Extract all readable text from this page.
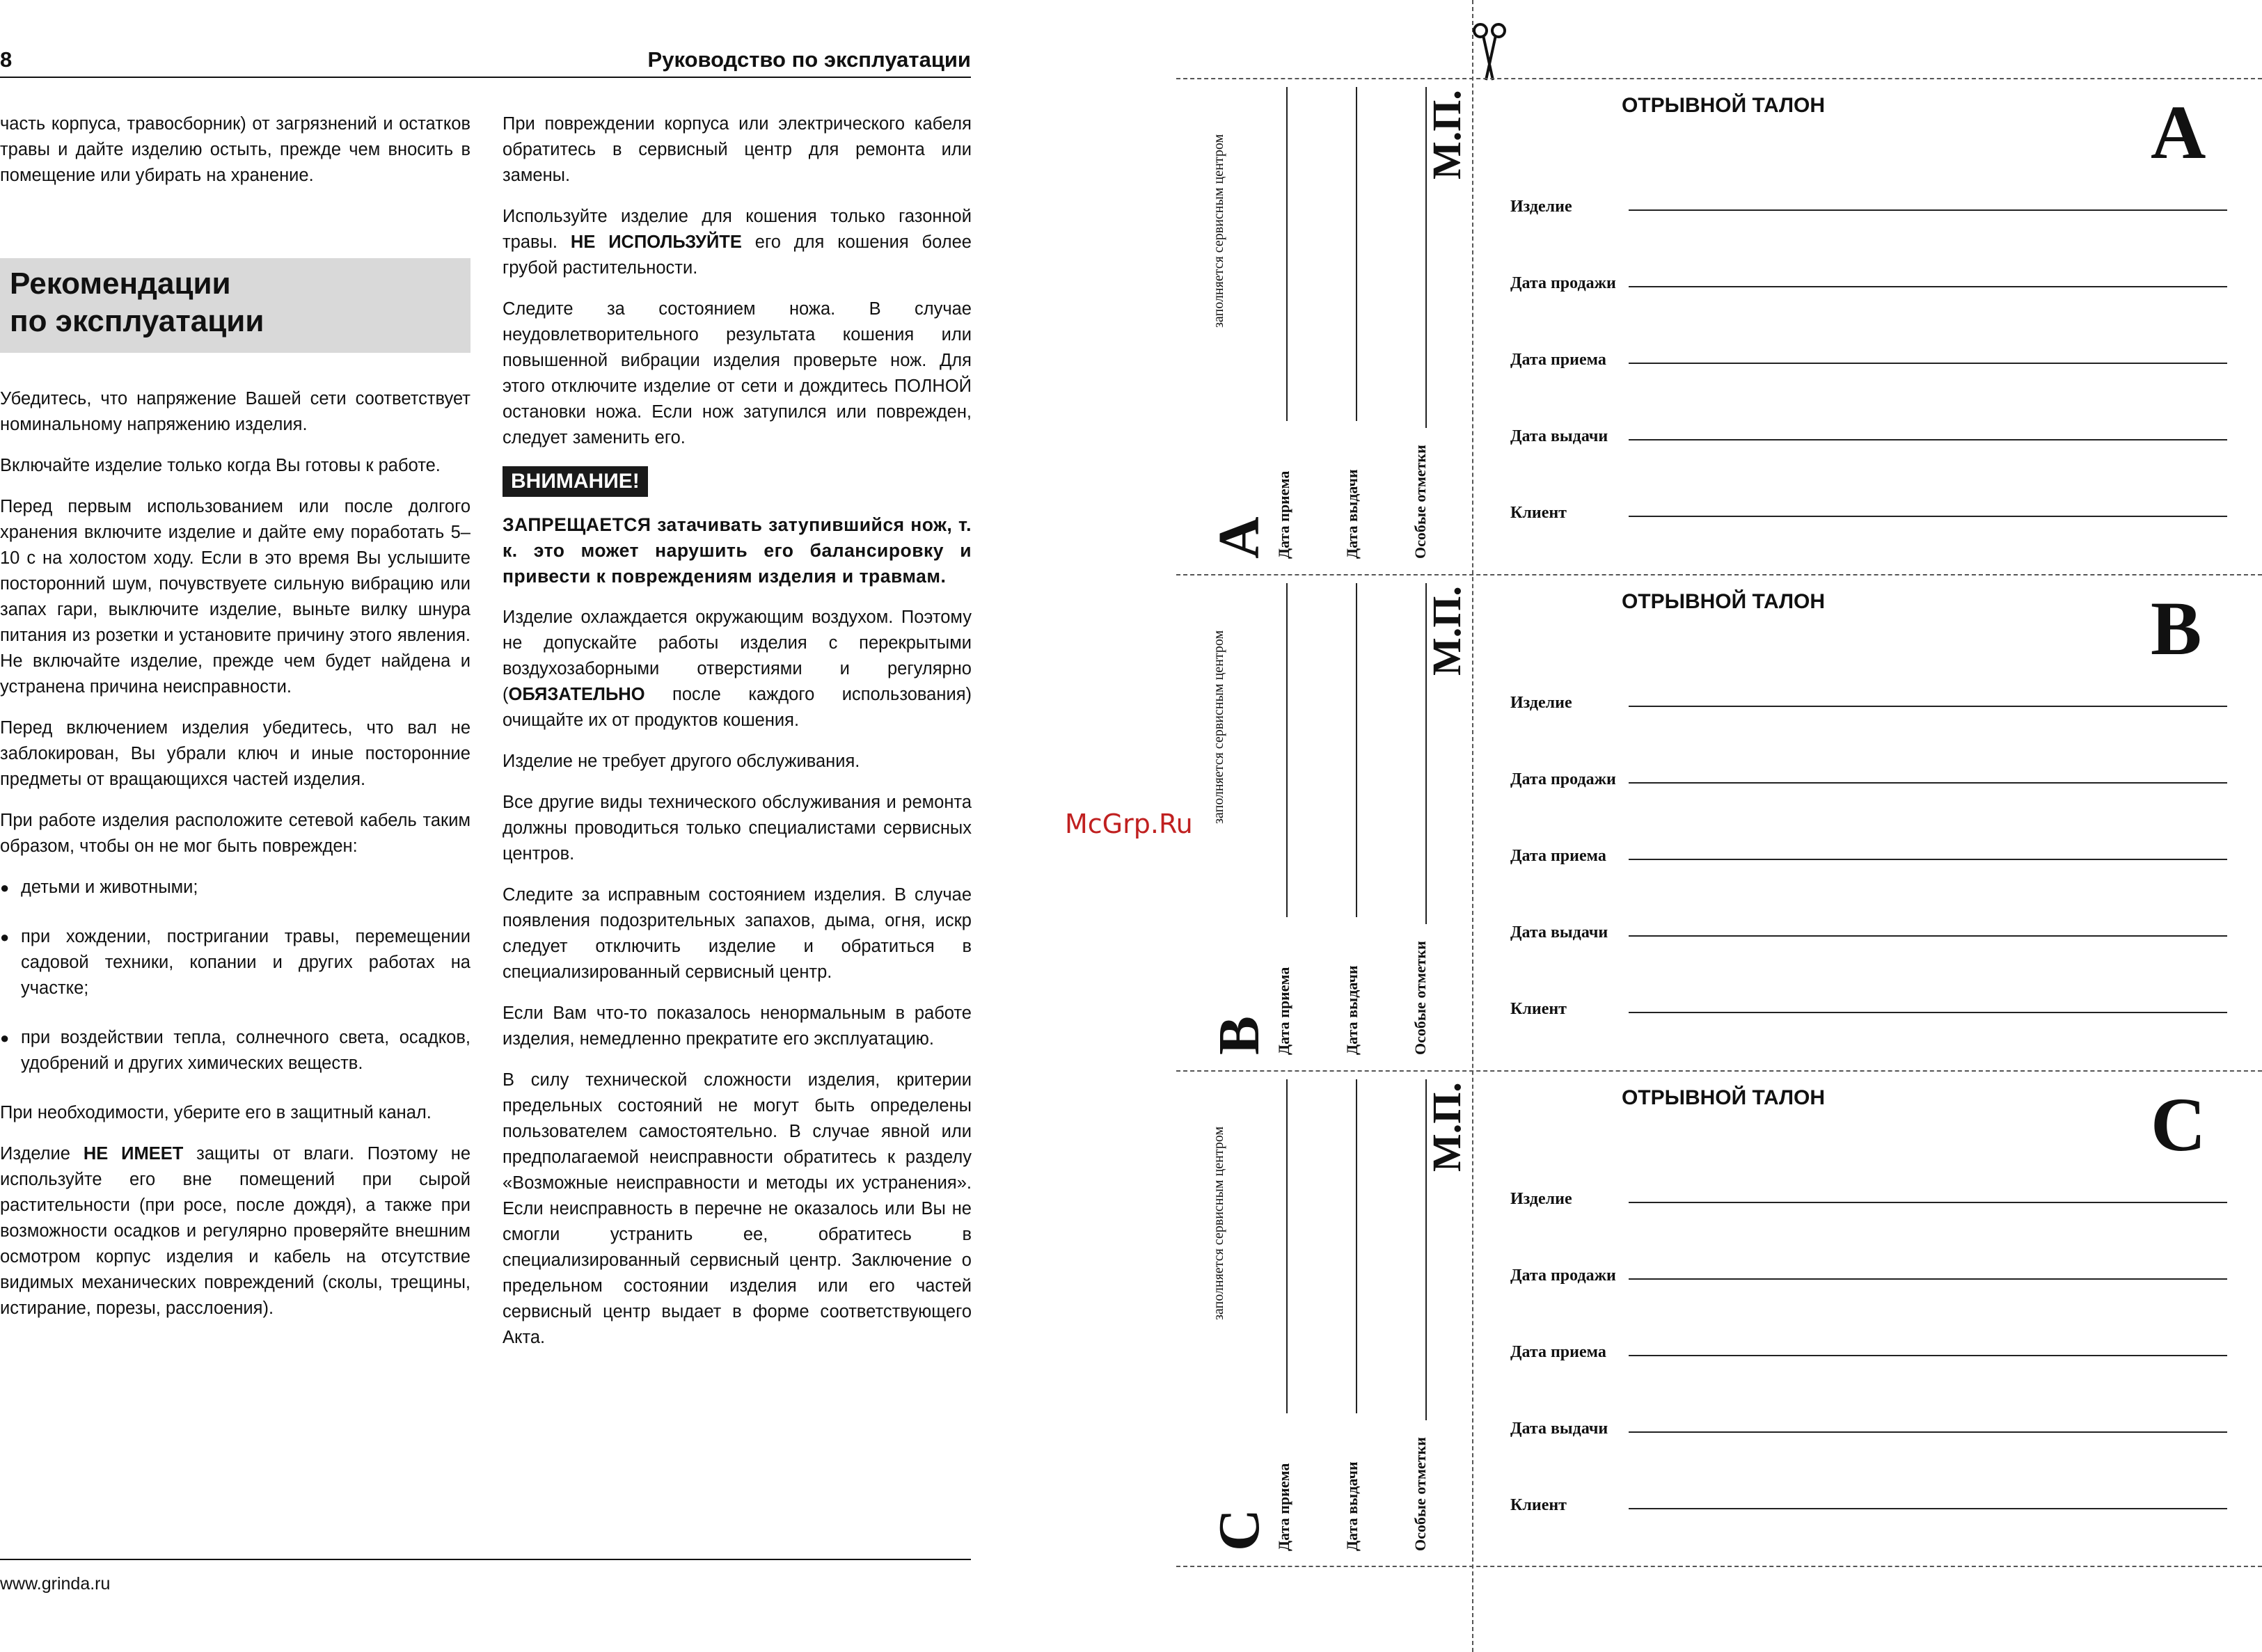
8	Руководство по эксплуатации

часть корпуса, травосборник) от загрязнений и остатков травы и дайте изделию остыть, прежде чем вносить в помещение или убирать на хранение.

Рекомендации
по эксплуатации

Убедитесь, что напряжение Вашей сети соответствует номинальному напряжению изделия.

Включайте изделие только когда Вы готовы к работе.

Перед первым использованием или после долгого хранения включите изделие и дайте ему поработать 5–10 с на холостом ходу. Если в это время Вы услышите посторонний шум, почувствуете сильную вибрацию или запах гари, выключите изделие, выньте вилку шнура питания из розетки и установите причину этого явления. Не включайте изделие, прежде чем будет найдена и устранена причина неисправности.

Перед включением изделия убедитесь, что вал не заблокирован, Вы убрали ключ и иные посторонние предметы от вращающихся частей изделия.

При работе изделия расположите сетевой кабель таким образом, чтобы он не мог быть поврежден:

● детьми и животными;
● при хождении, постригании травы, перемещении садовой техники, копании и других работах на участке;
● при воздействии тепла, солнечного света, осадков, удобрений и других химических веществ.

При необходимости, уберите его в защитный канал.

Изделие НЕ ИМЕЕТ защиты от влаги. Поэтому не используйте его вне помещений при сырой растительности (при росе, после дождя), а также при возможности осадков и регулярно проверяйте внешним осмотром корпус изделия и кабель на отсутствие видимых механических повреждений (сколы, трещины, истирание, порезы, расслоения).

При повреждении корпуса или электрического кабеля обратитесь в сервисный центр для ремонта или замены.

Используйте изделие для кошения только газонной травы. НЕ ИСПОЛЬЗУЙТЕ его для кошения более грубой растительности.

Следите за состоянием ножа. В случае неудовлетворительного результата кошения или повышенной вибрации изделия проверьте нож. Для этого отключите изделие от сети и дождитесь ПОЛНОЙ остановки ножа. Если нож затупился или поврежден, следует заменить его.

ВНИМАНИЕ!

ЗАПРЕЩАЕТСЯ затачивать затупившийся нож, т. к. это может нарушить его балансировку и привести к повреждениям изделия и травмам.

Изделие охлаждается окружающим воздухом. Поэтому не допускайте работы изделия с перекрытыми воздухозаборными отверстиями и регулярно (ОБЯЗАТЕЛЬНО после каждого использования) очищайте их от продуктов кошения.

Изделие не требует другого обслуживания.

Все другие виды технического обслуживания и ремонта должны проводиться только специалистами сервисных центров.

Следите за исправным состоянием изделия. В случае появления подозрительных запахов, дыма, огня, искр следует отключить изделие и обратиться в специализированный сервисный центр.

Если Вам что-то показалось ненормальным в работе изделия, немедленно прекратите его эксплуатацию.

В силу технической сложности изделия, критерии предельных состояний не могут быть определены пользователем самостоятельно. В случае явной или предполагаемой неисправности обратитесь к разделу «Возможные неисправности и методы их устранения». Если неисправность в перечне не оказалось или Вы не смогли устранить ее, обратитесь в специализированный сервисный центр. Заключение о предельном состоянии изделия или его частей сервисный центр выдает в форме соответствующего Акта.

www.grinda.ru
McGrp.Ru
A
заполняется сервисным центром
Дата приема	Дата выдачи	Особые отметки
М.П.	ОТРЫВНОЙ ТАЛОН	A
Изделие
Дата продажи
Дата приема
Дата выдачи
Клиент
B
заполняется сервисным центром
Дата приема	Дата выдачи	Особые отметки
М.П.	ОТРЫВНОЙ ТАЛОН	B
Изделие
Дата продажи
Дата приема
Дата выдачи
Клиент
C
заполняется сервисным центром
Дата приема	Дата выдачи	Особые отметки
М.П.	ОТРЫВНОЙ ТАЛОН	C
Изделие
Дата продажи
Дата приема
Дата выдачи
Клиент
